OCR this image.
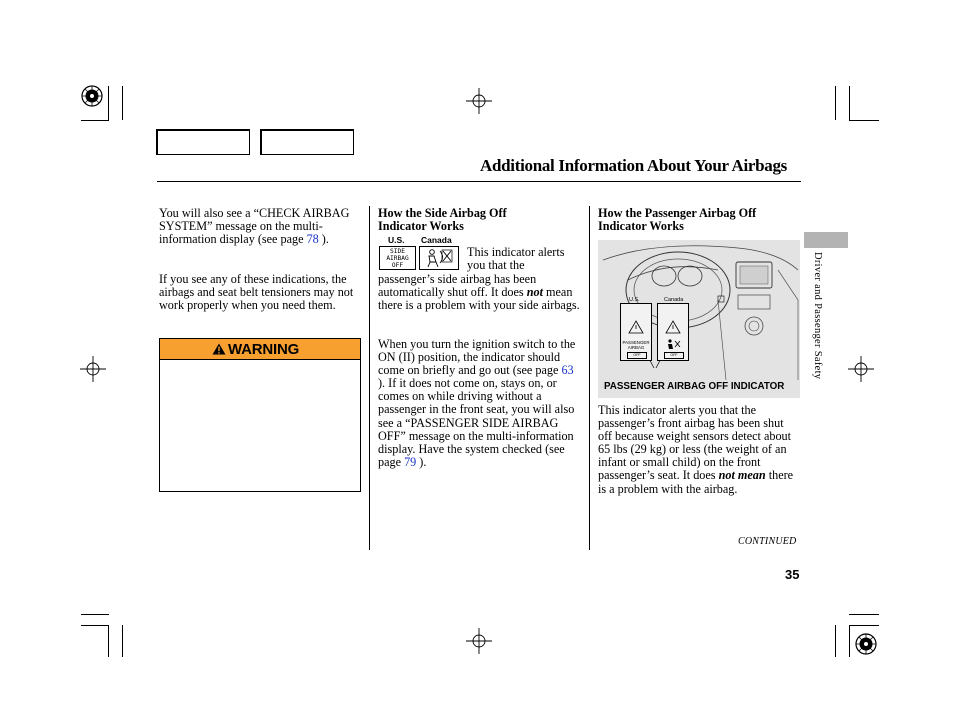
Additional Information About Your Airbags
Driver and Passenger Safety
You will also see a “CHECK AIRBAG SYSTEM” message on the multi-information display (see page 78 ).
If you see any of these indications, the airbags and seat belt tensioners may not work properly when you need them.
WARNING
How the Side Airbag Off Indicator Works
U.S. Canada
SIDE
AIRBAG
OFF
This indicator alerts you that the
passenger’s side airbag has been automatically shut off. It does not mean there is a problem with your side airbags.
When you turn the ignition switch to the ON (II) position, the indicator should come on briefly and go out (see page 63 ). If it does not come on, stays on, or comes on while driving without a passenger in the front seat, you will also see a “PASSENGER SIDE AIRBAG OFF” message on the multi-information display. Have the system checked (see page 79 ).
How the Passenger Airbag Off Indicator Works
U.S.	Canada
PASSENGER
AIRBAG
OFF	OFF
PASSENGER AIRBAG OFF INDICATOR
This indicator alerts you that the passenger’s front airbag has been shut off because weight sensors detect about 65 lbs (29 kg) or less (the weight of an infant or small child) on the front passenger’s seat. It does not mean there is a problem with the airbag.
CONTINUED
35
